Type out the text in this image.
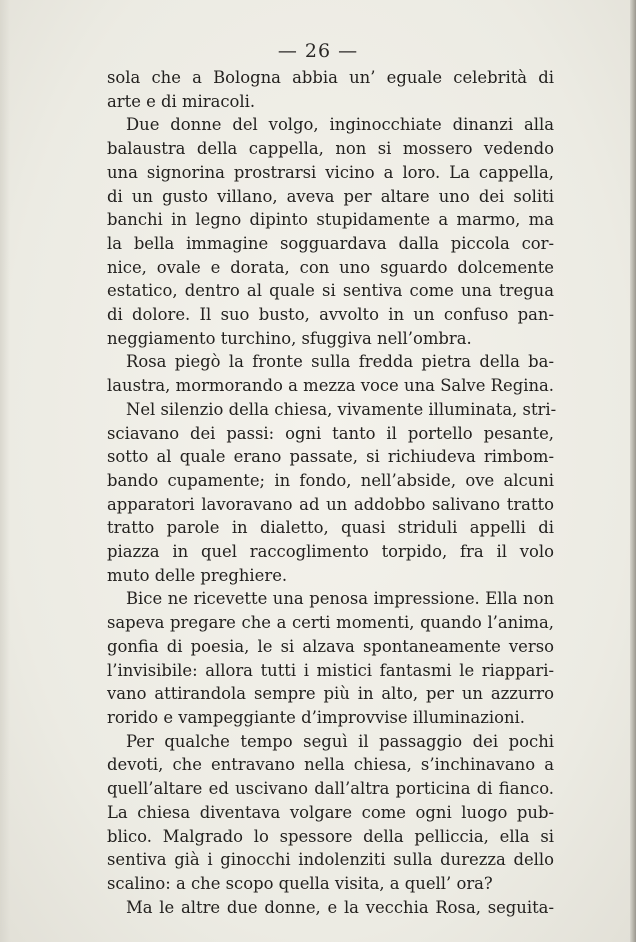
— 26 —
sola che a Bologna abbia un’ eguale celebrità di
arte e di miracoli.
Due donne del volgo, inginocchiate dinanzi alla
balaustra della cappella, non si mossero vedendo
una signorina prostrarsi vicino a loro. La cappella,
di un gusto villano, aveva per altare uno dei soliti
banchi in legno dipinto stupidamente a marmo, ma
la bella immagine sogguardava dalla piccola cor-
nice, ovale e dorata, con uno sguardo dolcemente
estatico, dentro al quale si sentiva come una tregua
di dolore. Il suo busto, avvolto in un confuso pan-
neggiamento turchino, sfuggiva nell’ombra.
Rosa piegò la fronte sulla fredda pietra della ba-
laustra, mormorando a mezza voce una Salve Regina.
Nel silenzio della chiesa, vivamente illuminata, stri-
sciavano dei passi: ogni tanto il portello pesante,
sotto al quale erano passate, si richiudeva rimbom-
bando cupamente; in fondo, nell’abside, ove alcuni
apparatori lavoravano ad un addobbo salivano tratto
tratto parole in dialetto, quasi striduli appelli di
piazza in quel raccoglimento torpido, fra il volo
muto delle preghiere.
Bice ne ricevette una penosa impressione. Ella non
sapeva pregare che a certi momenti, quando l’anima,
gonfia di poesia, le si alzava spontaneamente verso
l’invisibile: allora tutti i mistici fantasmi le riappari-
vano attirandola sempre più in alto, per un azzurro
rorido e vampeggiante d’improvvise illuminazioni.
Per qualche tempo seguì il passaggio dei pochi
devoti, che entravano nella chiesa, s’inchinavano a
quell’altare ed uscivano dall’altra porticina di fianco.
La chiesa diventava volgare come ogni luogo pub-
blico. Malgrado lo spessore della pelliccia, ella si
sentiva già i ginocchi indolenziti sulla durezza dello
scalino: a che scopo quella visita, a quell’ ora?
Ma le altre due donne, e la vecchia Rosa, seguita-
